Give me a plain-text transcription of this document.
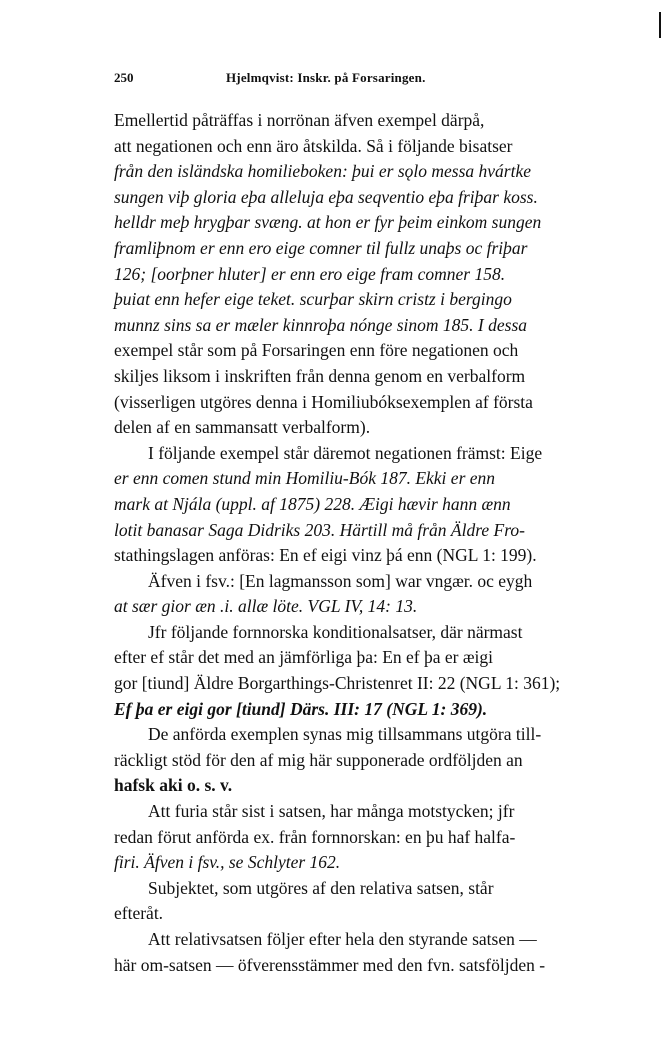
250	Hjelmqvist: Inskr. på Forsaringen.
Emellertid påträffas i norrönan äfven exempel därpå,
att negationen och enn äro åtskilda. Så i följande bisatser
från den isländska homilieboken: þui er sǫlo messa hvártke
sungen viþ gloria eþa alleluja eþa seqventio eþa friþar koss.
helldr meþ hrygþar svæng. at hon er fyr þeim einkom sungen
framliþnom er enn ero eige comner til fullz unaþs oc friþar
126; [oorþner hluter] er enn ero eige fram comner 158.
þuiat enn hefer eige teket. scurþar skirn cristz i bergingo
munnz sins sa er mæler kinnroþa nónge sinom 185. I dessa
exempel står som på Forsaringen enn före negationen och
skiljes liksom i inskriften från denna genom en verbalform
(visserligen utgöres denna i Homiliubóksexemplen af första
delen af en sammansatt verbalform).
I följande exempel står däremot negationen främst: Eige
er enn comen stund min Homiliu-Bók 187. Ekki er enn
mark at Njála (uppl. af 1875) 228. Æigi hævir hann ænn
lotit banasar Saga Didriks 203. Härtill må från Äldre Fro-
stathingslagen anföras: En ef eigi vinz þá enn (NGL 1: 199).
Äfven i fsv.: [En lagmansson som] war vngær. oc eygh
at sær gior æn .i. allæ löte. VGL IV, 14: 13.
Jfr följande fornnorska konditionalsatser, där närmast
efter ef står det med an jämförliga þa: En ef þa er æigi
gor [tiund] Äldre Borgarthings-Christenret II: 22 (NGL 1: 361);
Ef þa er eigi gor [tiund] Därs. III: 17 (NGL 1: 369).
De anförda exemplen synas mig tillsammans utgöra till-
räckligt stöd för den af mig här supponerade ordföljden an
hafsk aki o. s. v.
Att furia står sist i satsen, har många motstycken; jfr
redan förut anförda ex. från fornnorskan: en þu haf halfa-
firi. Äfven i fsv., se Schlyter 162.
Subjektet, som utgöres af den relativa satsen, står
efteråt.
Att relativsatsen följer efter hela den styrande satsen —
här om-satsen — öfverensstämmer med den fvn. satsföljden -
